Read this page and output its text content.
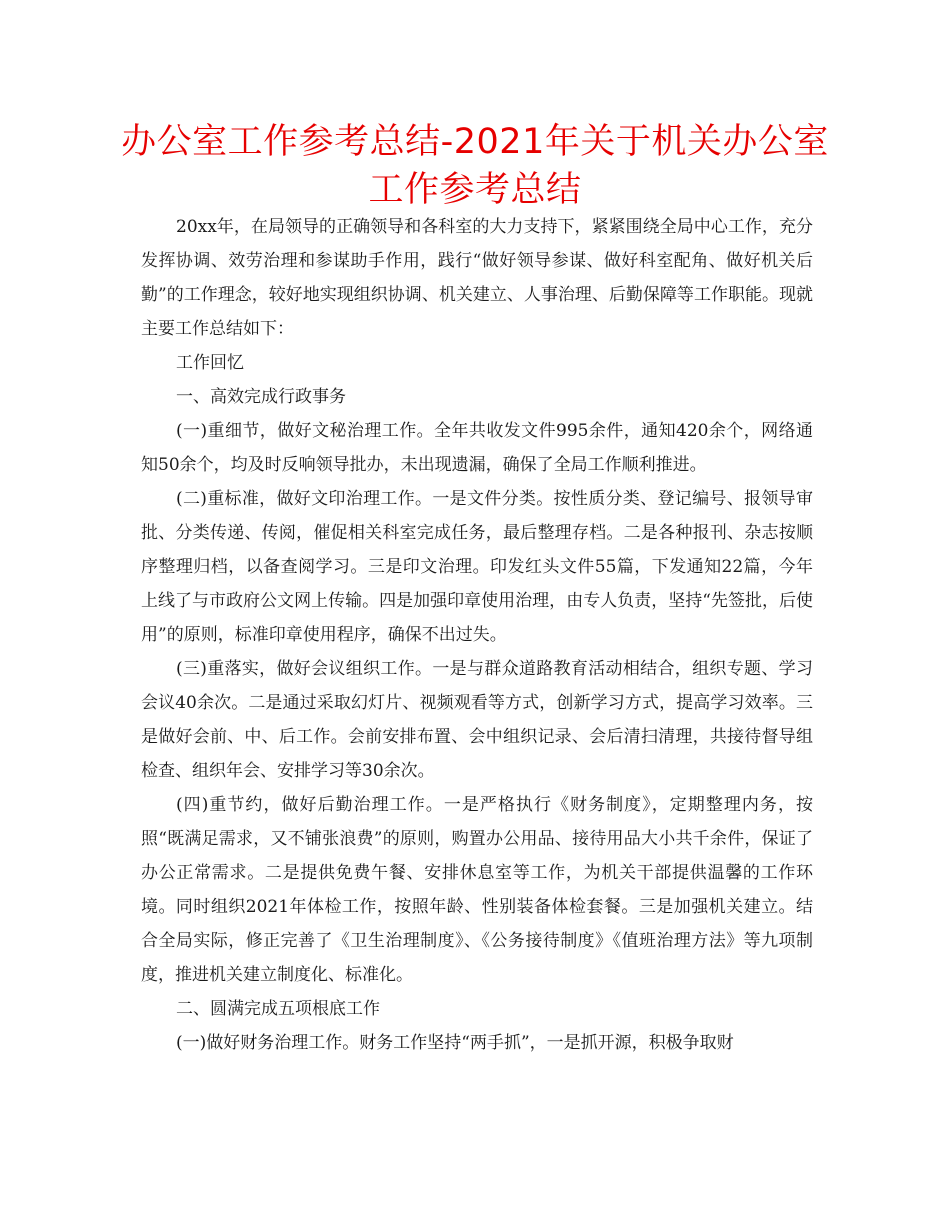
办公室工作参考总结-2021年关于机关办公室工作参考总结

20xx年，在局领导的正确领导和各科室的大力支持下，紧紧围绕全局中心工作，充分发挥协调、效劳治理和参谋助手作用，践行“做好领导参谋、做好科室配角、做好机关后勤”的工作理念，较好地实现组织协调、机关建立、人事治理、后勤保障等工作职能。现就主要工作总结如下：

工作回忆

一、高效完成行政事务

(一)重细节，做好文秘治理工作。全年共收发文件995余件，通知420余个，网络通知50余个，均及时反响领导批办，未出现遗漏，确保了全局工作顺利推进。

(二)重标准，做好文印治理工作。一是文件分类。按性质分类、登记编号、报领导审批、分类传递、传阅，催促相关科室完成任务，最后整理存档。二是各种报刊、杂志按顺序整理归档，以备查阅学习。三是印文治理。印发红头文件55篇，下发通知22篇，今年上线了与市政府公文网上传输。四是加强印章使用治理，由专人负责，坚持“先签批，后使用”的原则，标准印章使用程序，确保不出过失。

(三)重落实，做好会议组织工作。一是与群众道路教育活动相结合，组织专题、学习会议40余次。二是通过采取幻灯片、视频观看等方式，创新学习方式，提高学习效率。三是做好会前、中、后工作。会前安排布置、会中组织记录、会后清扫清理，共接待督导组检查、组织年会、安排学习等30余次。

(四)重节约，做好后勤治理工作。一是严格执行《财务制度》，定期整理内务，按照“既满足需求，又不铺张浪费”的原则，购置办公用品、接待用品大小共千余件，保证了办公正常需求。二是提供免费午餐、安排休息室等工作，为机关干部提供温馨的工作环境。同时组织2021年体检工作，按照年龄、性别装备体检套餐。三是加强机关建立。结合全局实际，修正完善了《卫生治理制度》、《公务接待制度》《值班治理方法》等九项制度，推进机关建立制度化、标准化。

二、圆满完成五项根底工作

(一)做好财务治理工作。财务工作坚持“两手抓”，一是抓开源，积极争取财
